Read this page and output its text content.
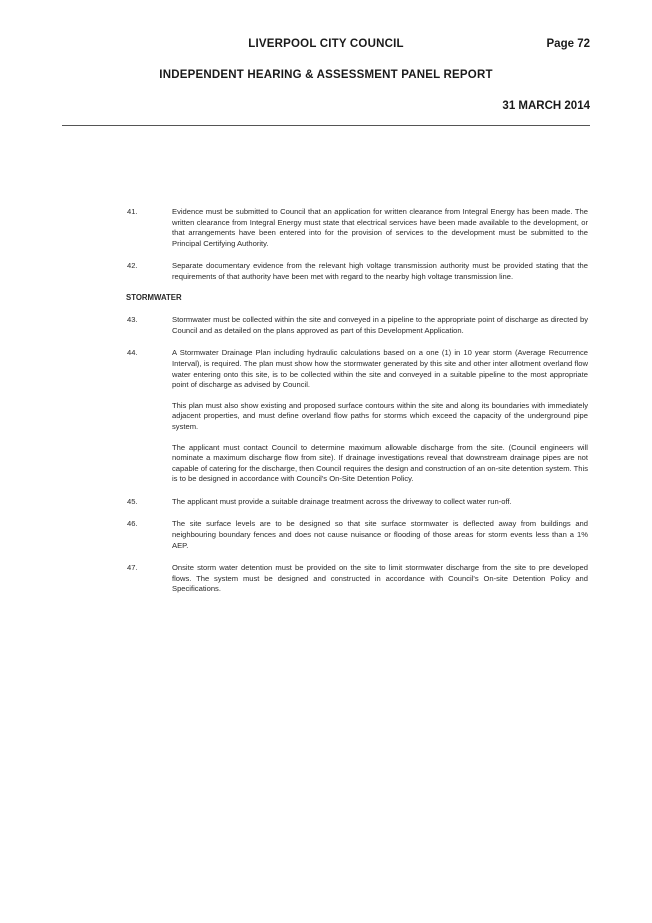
LIVERPOOL CITY COUNCIL	Page 72
INDEPENDENT HEARING & ASSESSMENT PANEL REPORT
31 MARCH 2014
41.	Evidence must be submitted to Council that an application for written clearance from Integral Energy has been made. The written clearance from Integral Energy must state that electrical services have been made available to the development, or that arrangements have been entered into for the provision of services to the development must be submitted to the Principal Certifying Authority.
42.	Separate documentary evidence from the relevant high voltage transmission authority must be provided stating that the requirements of that authority have been met with regard to the nearby high voltage transmission line.
STORMWATER
43.	Stormwater must be collected within the site and conveyed in a pipeline to the appropriate point of discharge as directed by Council and as detailed on the plans approved as part of this Development Application.
44.	A Stormwater Drainage Plan including hydraulic calculations based on a one (1) in 10 year storm (Average Recurrence Interval), is required. The plan must show how the stormwater generated by this site and other inter allotment overland flow water entering onto this site, is to be collected within the site and conveyed in a suitable pipeline to the most appropriate point of discharge as advised by Council.
This plan must also show existing and proposed surface contours within the site and along its boundaries with immediately adjacent properties, and must define overland flow paths for storms which exceed the capacity of the underground pipe system.
The applicant must contact Council to determine maximum allowable discharge from the site. (Council engineers will nominate a maximum discharge flow from site). If drainage investigations reveal that downstream drainage pipes are not capable of catering for the discharge, then Council requires the design and construction of an on-site detention system. This is to be designed in accordance with Council's On-Site Detention Policy.
45.	The applicant must provide a suitable drainage treatment across the driveway to collect water run-off.
46.	The site surface levels are to be designed so that site surface stormwater is deflected away from buildings and neighbouring boundary fences and does not cause nuisance or flooding of those areas for storm events less than a 1% AEP.
47.	Onsite storm water detention must be provided on the site to limit stormwater discharge from the site to pre developed flows. The system must be designed and constructed in accordance with Council's On-site Detention Policy and Specifications.
